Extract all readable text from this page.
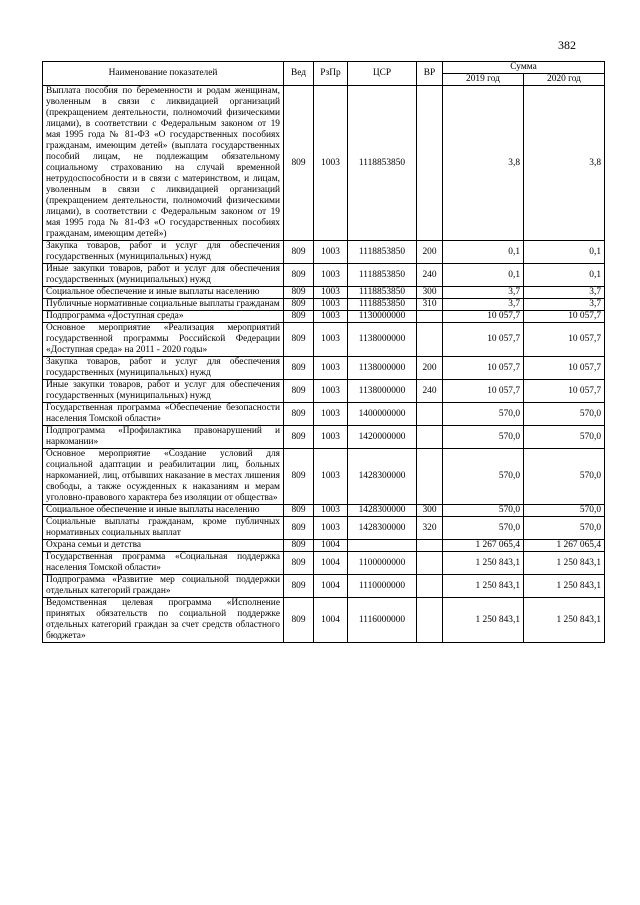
382
Наименование показателей	Вед	РзПр	ЦСР	ВР	Сумма	
					2019 год	2020 год
Выплата пособия по беременности и родам женщинам, уволенным в связи с ликвидацией организаций (прекращением деятельности, полномочий физическими лицами), в соответствии с Федеральным законом от 19 мая 1995 года № 81-ФЗ «О государственных пособиях гражданам, имеющим детей» (выплата государственных пособий лицам, не подлежащим обязательному социальному страхованию на случай временной нетрудоспособности и в связи с материнством, и лицам, уволенным в связи с ликвидацией организаций (прекращением деятельности, полномочий физическими лицами), в соответствии с Федеральным законом от 19 мая 1995 года № 81-ФЗ «О государственных пособиях гражданам, имеющим детей»)	809	1003	1118853850		3,8	3,8
Закупка товаров, работ и услуг для обеспечения государственных (муниципальных) нужд	809	1003	1118853850	200	0,1	0,1
Иные закупки товаров, работ и услуг для обеспечения государственных (муниципальных) нужд	809	1003	1118853850	240	0,1	0,1
Социальное обеспечение и иные выплаты населению	809	1003	1118853850	300	3,7	3,7
Публичные нормативные социальные выплаты гражданам	809	1003	1118853850	310	3,7	3,7
Подпрограмма «Доступная среда»	809	1003	1130000000		10 057,7	10 057,7
Основное мероприятие «Реализация мероприятий государственной программы Российской Федерации «Доступная среда» на 2011 - 2020 годы»	809	1003	1138000000		10 057,7	10 057,7
Закупка товаров, работ и услуг для обеспечения государственных (муниципальных) нужд	809	1003	1138000000	200	10 057,7	10 057,7
Иные закупки товаров, работ и услуг для обеспечения государственных (муниципальных) нужд	809	1003	1138000000	240	10 057,7	10 057,7
Государственная программа «Обеспечение безопасности населения Томской области»	809	1003	1400000000		570,0	570,0
Подпрограмма «Профилактика правонарушений и наркомании»	809	1003	1420000000		570,0	570,0
Основное мероприятие «Создание условий для социальной адаптации и реабилитации лиц, больных наркоманией, лиц, отбывших наказание в местах лишения свободы, а также осужденных к наказаниям и мерам уголовно-правового характера без изоляции от общества»	809	1003	1428300000		570,0	570,0
Социальное обеспечение и иные выплаты населению	809	1003	1428300000	300	570,0	570,0
Социальные выплаты гражданам, кроме публичных нормативных социальных выплат	809	1003	1428300000	320	570,0	570,0
Охрана семьи и детства	809	1004			1 267 065,4	1 267 065,4
Государственная программа «Социальная поддержка населения Томской области»	809	1004	1100000000		1 250 843,1	1 250 843,1
Подпрограмма «Развитие мер социальной поддержки отдельных категорий граждан»	809	1004	1110000000		1 250 843,1	1 250 843,1
Ведомственная целевая программа «Исполнение принятых обязательств по социальной поддержке отдельных категорий граждан за счет средств областного бюджета»	809	1004	1116000000		1 250 843,1	1 250 843,1
